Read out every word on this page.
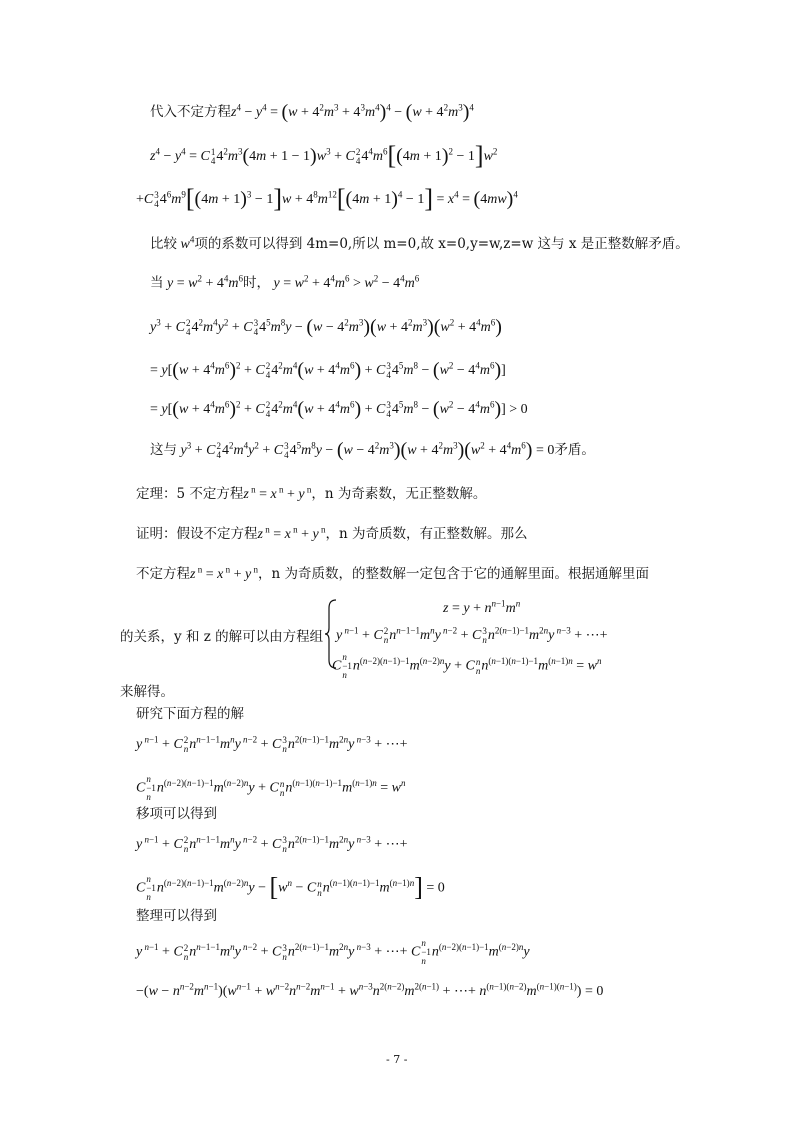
代入不定方程$z^4 - y^4 = (w + 4^2m^3 + 4^3m^4)^4 - (w + 4^2m^3)^4$
$z^4 - y^4 = C$ 1
4 $4^2m^3(4m + 1 - 1)w^3 + C$ 2
4 $4^4m^6[(4m + 1)^2 - 1]w^2$
+C 3
4 $4^6m^9[(4m + 1)^3 - 1]w + 4^8m^{12}[(4m + 1)^4 - 1] = x^4 = (4mw)^4$
比较 $w^4$项的系数可以得到 4m=0,所以 m=0,故 x=0,y=w,z=w 这与 x 是正整数解矛盾。
当 $y = w^2 + 4^4m^6$时， $y = w^2 + 4^4m^6 > w^2 - 4^4m^6$
$y^3 + C$ 2
4 $4^2m^4y^2 + C$ 3
4 $4^5m^8y - (w - 4^2m^3)(w + 4^2m^3)(w^2 + 4^4m^6)$
= $y[(w + 4^4m^6)^2 + C$ 2
4 $4^2m^4(w + 4^4m^6) + C$ 3
4 $4^5m^8 - (w^2 - 4^4m^6)$]
= $y[(w + 4^4m^6)^2 + C$ 2
4 $4^2m^4(w + 4^4m^6) + C$ 3
4 $4^5m^8 - (w^2 - 4^4m^6)] > 0$
这与 $y^3 + C$ 2
4 $4^2m^4y^2 + C$ 3
4 $4^5m^8y - (w - 4^2m^3)(w + 4^2m^3)(w^2 + 4^4m^6) = 0$矛盾。
定理：5 不定方程z $^n$ = x $^n$ + y $^n$，n 为奇素数，无正整数解。
证明：假设不定方程z $^n$ = x $^n$ + y $^n$，n 为奇质数，有正整数解。那么
不定方程z $^n$ = x $^n$ + y $^n$，n 为奇质数，的整数解一定包含于它的通解里面。根据通解里面
的关系，y 和 z 的解可以由方程组
$z = y + n^{n-1}m^n$
y $^{n-1}$ + C 2
n $n^{n-1-1}m^ny$ $^{n-2}$ + C 3
n $n^{2(n-1)-1}m^{2n}y$ $^{n-3}$ + ⋯+
C
n
−1
n
$n^{(n-2)(n-1)-1}m^{(n-2)n}y + C$ n
n $n^{(n-1)(n-1)-1}m^{(n-1)n} = w^n$
来解得。
研究下面方程的解
y $^{n-1}$ + C 2
n $n^{n-1-1}m^ny$ $^{n-2}$ + C 3
n $n^{2(n-1)-1}m^{2n}y$ $^{n-3}$ + ⋯+
C
n
−1
n
$n^{(n-2)(n-1)-1}m^{(n-2)n}y + C$ n
n $n^{(n-1)(n-1)-1}m^{(n-1)n} = w^n$
移项可以得到
y $^{n-1}$ + C 2
n $n^{n-1-1}m^ny$ $^{n-2}$ + C 3
n $n^{2(n-1)-1}m^{2n}y$ $^{n-3}$ + ⋯+
C
n
−1
n
$n^{(n-2)(n-1)-1}m^{(n-2)n}y - [w^n - C$ n
n $n^{(n-1)(n-1)-1}m^{(n-1)n}] = 0$
整理可以得到
y $^{n-1}$ + C 2
n $n^{n-1-1}m^ny$ $^{n-2}$ + C 3
n $n^{2(n-1)-1}m^{2n}y$ $^{n-3}$ + ⋯+ C
n
−1
n
$n^{(n-2)(n-1)-1}m^{(n-2)n}y$
$-(w - n^{n-2}m^{n-1})(w^{n-1} + w^{n-2}n^{n-2}m^{n-1} + w^{n-3}n^{2(n-2)}m^{2(n-1)}$ + ⋯+ $n^{(n-1)(n-2)}m^{(n-1)(n-1)}) = 0$
- 7 -
